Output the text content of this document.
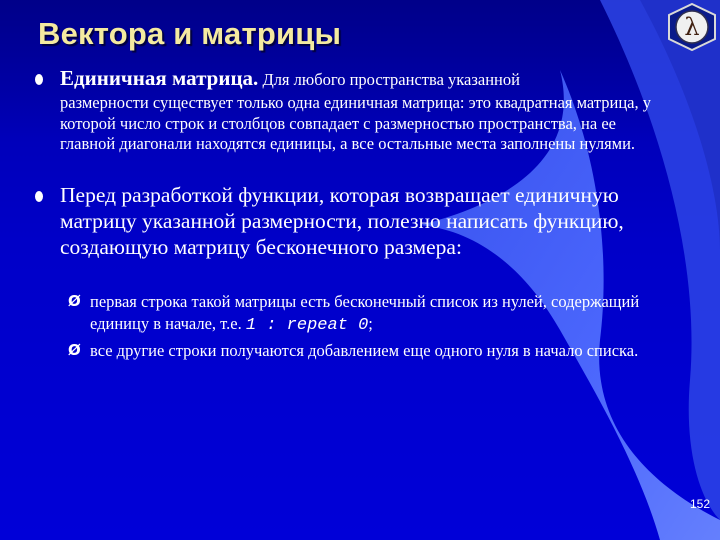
Вектора и матрицы	λ
Единичная матрица. Для любого пространства указанной

размерности существует только одна единичная матрица: это квадратная матрица, у которой число строк и столбцов совпадает с размерностью пространства, на ее главной диагонали находятся единицы, а все остальные места заполнены нулями.

Перед разработкой функции, которая возвращает единичную матрицу указанной размерности, полезно написать функцию, создающую матрицу бесконечного размера:

Ø первая строка такой матрицы есть бесконечный список из нулей, содержащий единицу в начале, т.е. 1 : repeat 0;

Ø все другие строки получаются добавлением еще одного нуля в начало списка.

152
